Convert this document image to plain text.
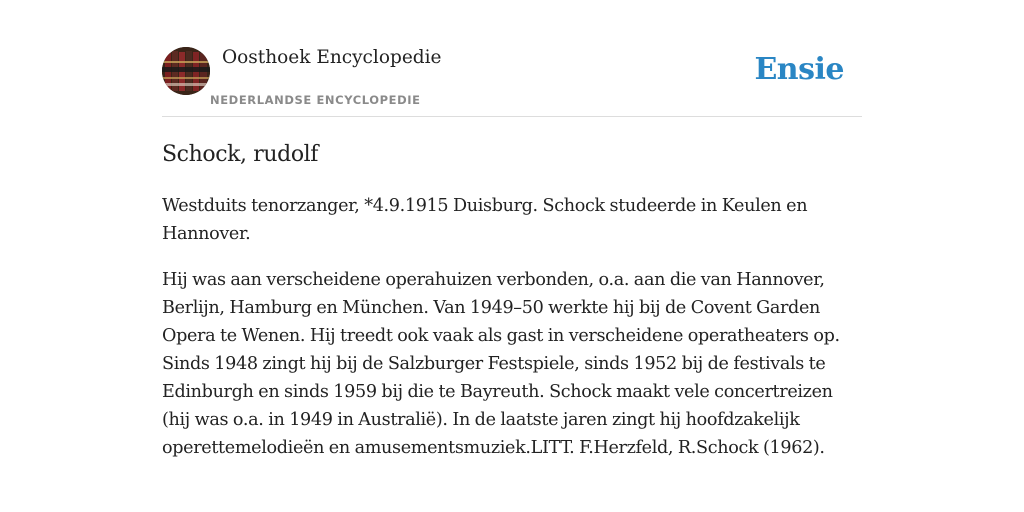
Oosthoek Encyclopedie
NEDERLANDSE ENCYCLOPEDIE
Ensie
Schock, rudolf

Westduits tenorzanger, *4.9.1915 Duisburg. Schock studeerde in Keulen en Hannover.

Hij was aan verscheidene operahuizen verbonden, o.a. aan die van Hannover, Berlijn, Hamburg en München. Van 1949–50 werkte hij bij de Covent Garden Opera te Wenen. Hij treedt ook vaak als gast in verscheidene operatheaters op. Sinds 1948 zingt hij bij de Salzburger Festspiele, sinds 1952 bij de festivals te Edinburgh en sinds 1959 bij die te Bayreuth. Schock maakt vele concertreizen (hij was o.a. in 1949 in Australië). In de laatste jaren zingt hij hoofdzakelijk operettemelodieën en amusementsmuziek.LITT. F.Herzfeld, R.Schock (1962).
